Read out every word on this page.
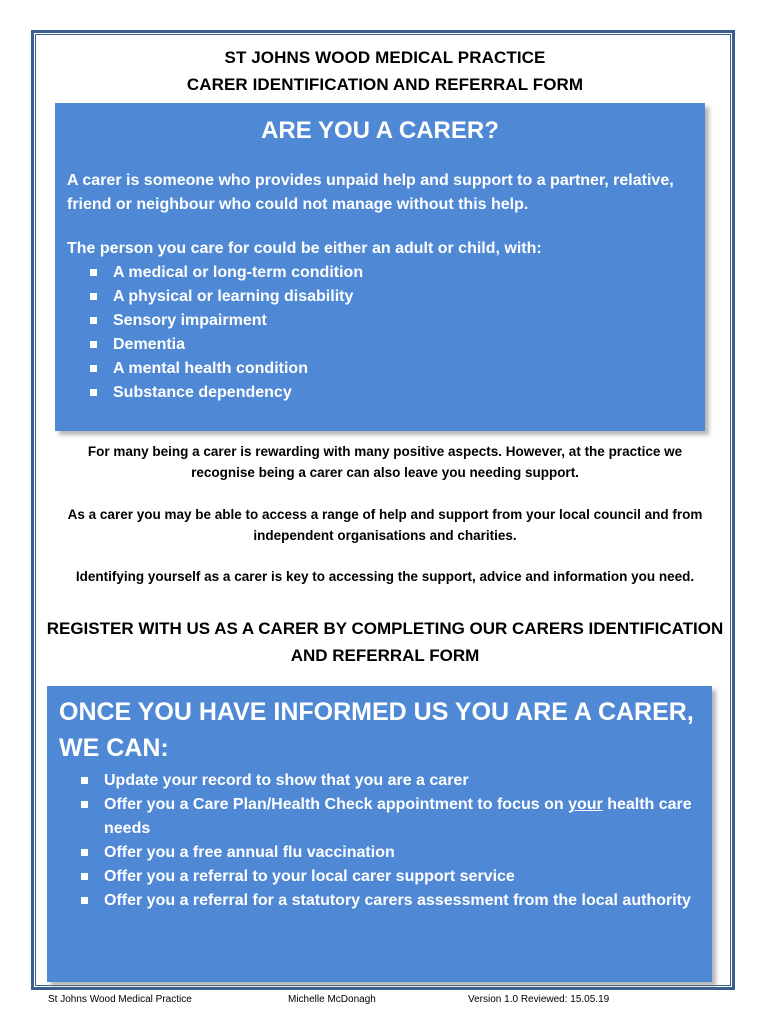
ST JOHNS WOOD MEDICAL PRACTICE
CARER IDENTIFICATION AND REFERRAL FORM
ARE YOU A CARER?

A carer is someone who provides unpaid help and support to a partner, relative, friend or neighbour who could not manage without this help.

The person you care for could be either an adult or child, with:

A medical or long-term condition
A physical or learning disability
Sensory impairment
Dementia
A mental health condition
Substance dependency
For many being a carer is rewarding with many positive aspects. However, at the practice we recognise being a carer can also leave you needing support.
As a carer you may be able to access a range of help and support from your local council and from independent organisations and charities.
Identifying yourself as a carer is key to accessing the support, advice and information you need.
REGISTER WITH US AS A CARER BY COMPLETING OUR CARERS IDENTIFICATION AND REFERRAL FORM
ONCE YOU HAVE INFORMED US YOU ARE A CARER, WE CAN:
Update your record to show that you are a carer
Offer you a Care Plan/Health Check appointment to focus on your health care needs
Offer you a free annual flu vaccination
Offer you a referral to your local carer support service
Offer you a referral for a statutory carers assessment from the local authority
St Johns Wood Medical Practice	Michelle McDonagh	Version 1.0 Reviewed: 15.05.19
